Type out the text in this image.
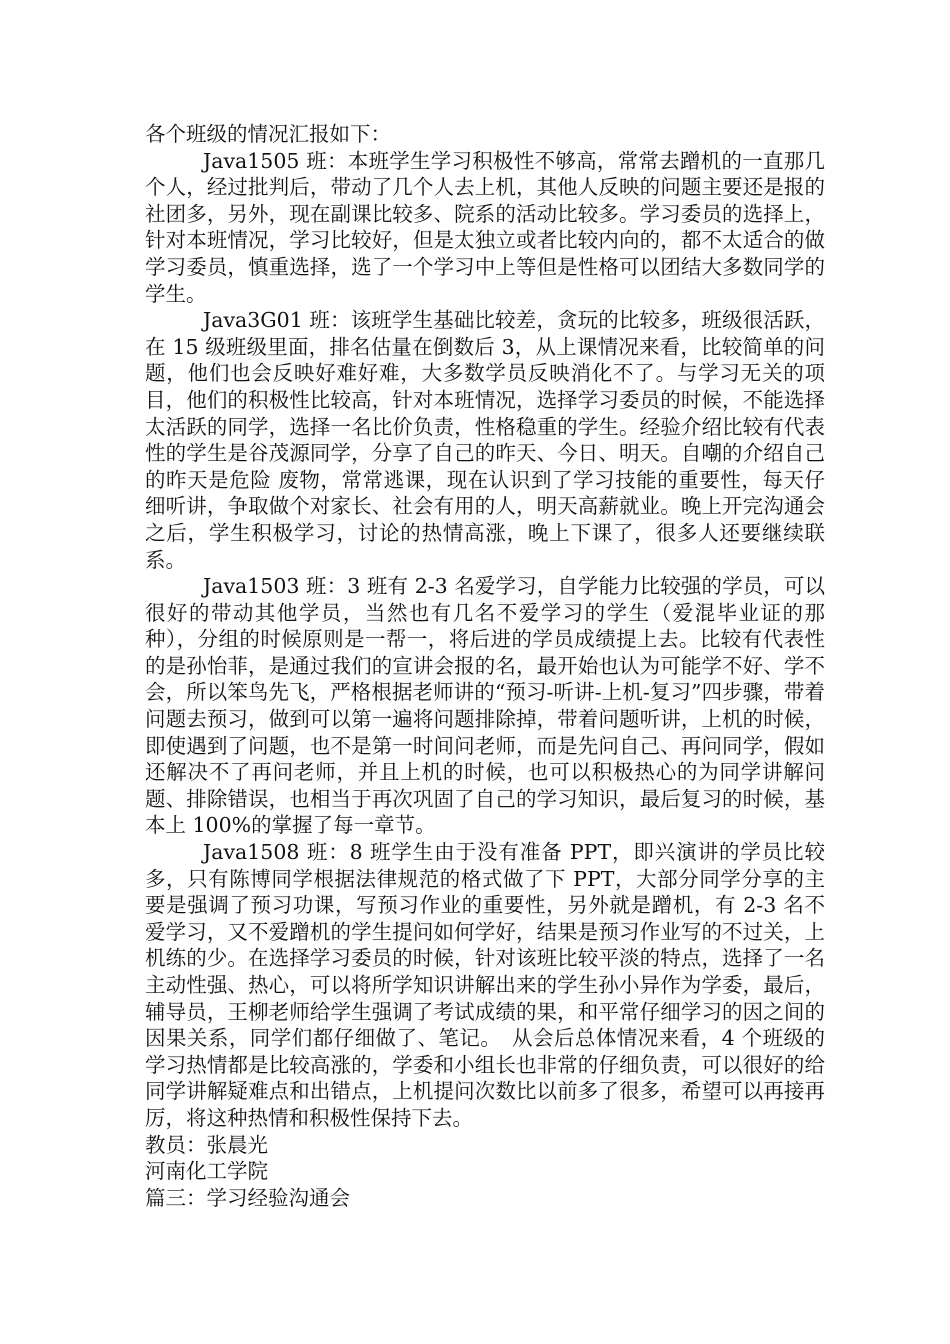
各个班级的情况汇报如下：

Java1505 班：本班学生学习积极性不够高，常常去蹭机的一直那几个人，经过批判后，带动了几个人去上机，其他人反映的问题主要还是报的社团多，另外，现在副课比较多、院系的活动比较多。学习委员的选择上，针对本班情况，学习比较好，但是太独立或者比较内向的，都不太适合的做学习委员，慎重选择，选了一个学习中上等但是性格可以团结大多数同学的学生。

Java3G01 班：该班学生基础比较差，贪玩的比较多，班级很活跃，在 15 级班级里面，排名估量在倒数后 3，从上课情况来看，比较简单的问题，他们也会反映好难好难，大多数学员反映消化不了。与学习无关的项目，他们的积极性比较高，针对本班情况，选择学习委员的时候，不能选择太活跃的同学，选择一名比价负责，性格稳重的学生。经验介绍比较有代表性的学生是谷茂源同学，分享了自己的昨天、今日、明天。自嘲的介绍自己的昨天是危险 废物，常常逃课，现在认识到了学习技能的重要性，每天仔细听讲，争取做个对家长、社会有用的人，明天高薪就业。晚上开完沟通会之后，学生积极学习，讨论的热情高涨，晚上下课了，很多人还要继续联系。

Java1503 班：3 班有 2-3 名爱学习，自学能力比较强的学员，可以很好的带动其他学员，当然也有几名不爱学习的学生（爱混毕业证的那种），分组的时候原则是一帮一，将后进的学员成绩提上去。比较有代表性的是孙怡菲，是通过我们的宣讲会报的名，最开始也认为可能学不好、学不会，所以笨鸟先飞，严格根据老师讲的“预习-听讲-上机-复习”四步骤，带着问题去预习，做到可以第一遍将问题排除掉，带着问题听讲，上机的时候，即使遇到了问题，也不是第一时间问老师，而是先问自己、再问同学，假如还解决不了再问老师，并且上机的时候，也可以积极热心的为同学讲解问题、排除错误，也相当于再次巩固了自己的学习知识，最后复习的时候，基本上 100%的掌握了每一章节。

Java1508 班：8 班学生由于没有准备 PPT，即兴演讲的学员比较多，只有陈博同学根据法律规范的格式做了下 PPT，大部分同学分享的主要是强调了预习功课，写预习作业的重要性，另外就是蹭机，有 2-3 名不爱学习，又不爱蹭机的学生提问如何学好，结果是预习作业写的不过关，上机练的少。在选择学习委员的时候，针对该班比较平淡的特点，选择了一名主动性强、热心，可以将所学知识讲解出来的学生孙小异作为学委，最后，辅导员，王柳老师给学生强调了考试成绩的果，和平常仔细学习的因之间的因果关系，同学们都仔细做了、笔记。　从会后总体情况来看，4 个班级的学习热情都是比较高涨的，学委和小组长也非常的仔细负责，可以很好的给同学讲解疑难点和出错点，上机提问次数比以前多了很多，希望可以再接再厉，将这种热情和积极性保持下去。

教员：张晨光

河南化工学院

篇三：学习经验沟通会
